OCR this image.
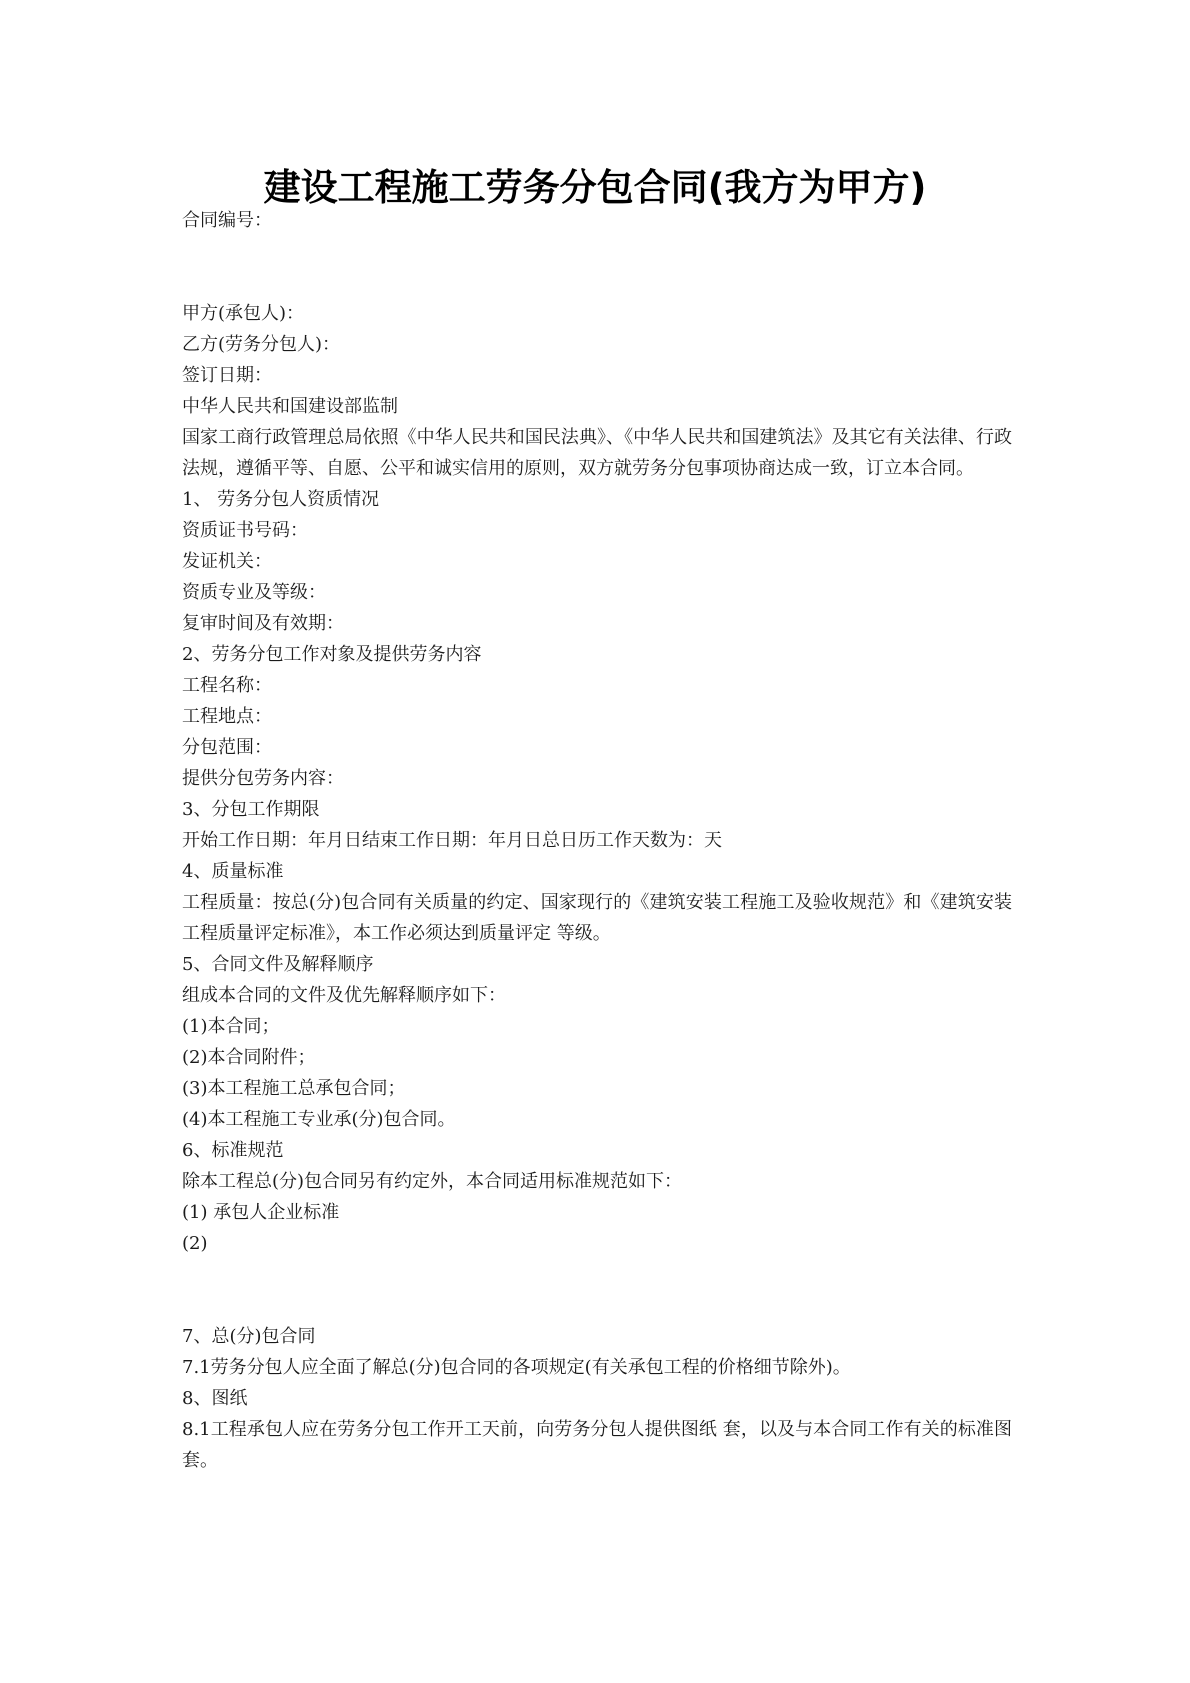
建设工程施工劳务分包合同(我方为甲方)
合同编号：
甲方(承包人)：
乙方(劳务分包人)：
签订日期：
中华人民共和国建设部监制
国家工商行政管理总局依照《中华人民共和国民法典》、《中华人民共和国建筑法》及其它有关法律、行政法规，遵循平等、自愿、公平和诚实信用的原则，双方就劳务分包事项协商达成一致，订立本合同。
1、 劳务分包人资质情况
资质证书号码：
发证机关：
资质专业及等级：
复审时间及有效期：
2、劳务分包工作对象及提供劳务内容
工程名称：
工程地点：
分包范围：
提供分包劳务内容：
3、分包工作期限
开始工作日期：年月日结束工作日期：年月日总日历工作天数为：天
4、质量标准
工程质量：按总(分)包合同有关质量的约定、国家现行的《建筑安装工程施工及验收规范》和《建筑安装工程质量评定标准》，本工作必须达到质量评定 等级。
5、合同文件及解释顺序
组成本合同的文件及优先解释顺序如下：
(1)本合同；
(2)本合同附件；
(3)本工程施工总承包合同；
(4)本工程施工专业承(分)包合同。
6、标准规范
除本工程总(分)包合同另有约定外，本合同适用标准规范如下：
(1) 承包人企业标准
(2)
7、总(分)包合同
7.1劳务分包人应全面了解总(分)包合同的各项规定(有关承包工程的价格细节除外)。
8、图纸
8.1工程承包人应在劳务分包工作开工天前，向劳务分包人提供图纸 套，以及与本合同工作有关的标准图套。
